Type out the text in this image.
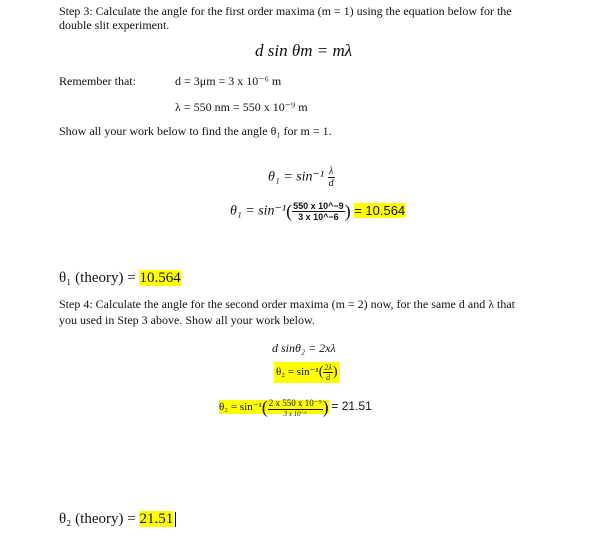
Step 3: Calculate the angle for the first order maxima (m = 1) using the equation below for the
double slit experiment.
d sin θm = mλ
Remember that:	d = 3μm = 3 x 10⁻⁶ m
λ = 550 nm = 550 x 10⁻⁹ m
Show all your work below to find the angle θ₁ for m = 1.
$\theta_1 = \sin^{-1} \frac{\lambda}{d}$
$\theta_1 = \sin^{-1}( \frac{550 x 10\^{}-9}{3 x 10\^{}-6}$ ) = 10.564
θ₁ (theory) = 10.564
Step 4: Calculate the angle for the second order maxima (m = 2) now, for the same d and λ that
you used in Step 3 above. Show all your work below.
d sinθ₂ = 2xλ
$\theta_2 = \sin^{-1}( \frac{2\lambda}{d}$ )
$\theta_2 = \sin^{-1}( \frac{\text{2 x 550 x 10⁻⁹}}{\text{3 x 10⁻⁶}}$ ) = 21.51
θ₂ (theory) = 21.51
